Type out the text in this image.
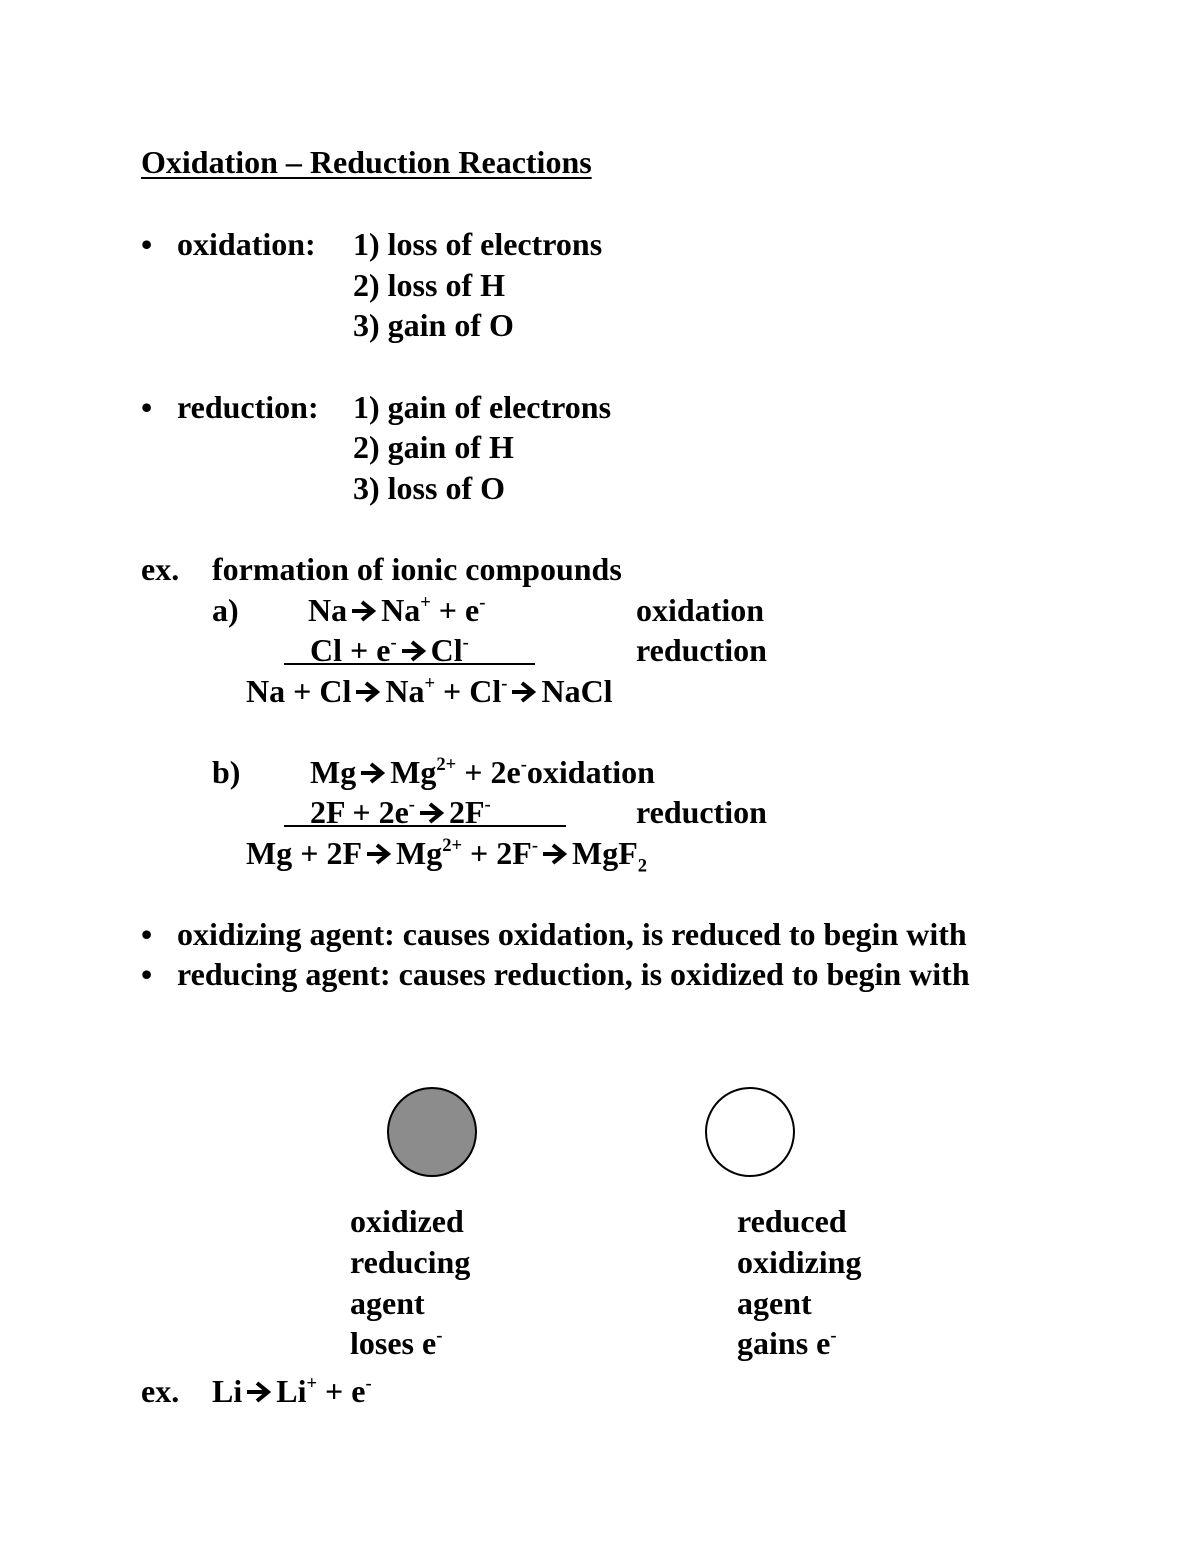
Oxidation – Reduction Reactions
• oxidation: 1) loss of electrons
2) loss of H
3) gain of O
• reduction: 1) gain of electrons
2) gain of H
3) loss of O
ex. formation of ionic compounds
a) Na Na+ + e-	oxidation
Cl + e- Cl-	reduction
Na + Cl Na+ + Cl- NaCl
b) Mg $Mg^{2+}$ + 2e-oxidation
2F + 2e- 2F-	reduction
Mg + 2F $Mg^{2+} + 2F^-$ MgF$_2$
• oxidizing agent: causes oxidation, is reduced to begin with
• reducing agent: causes reduction, is oxidized to begin with
oxidized
reducing
agent
loses e-
reduced
oxidizing
agent
gains e-
ex. Li Li+ + e-
